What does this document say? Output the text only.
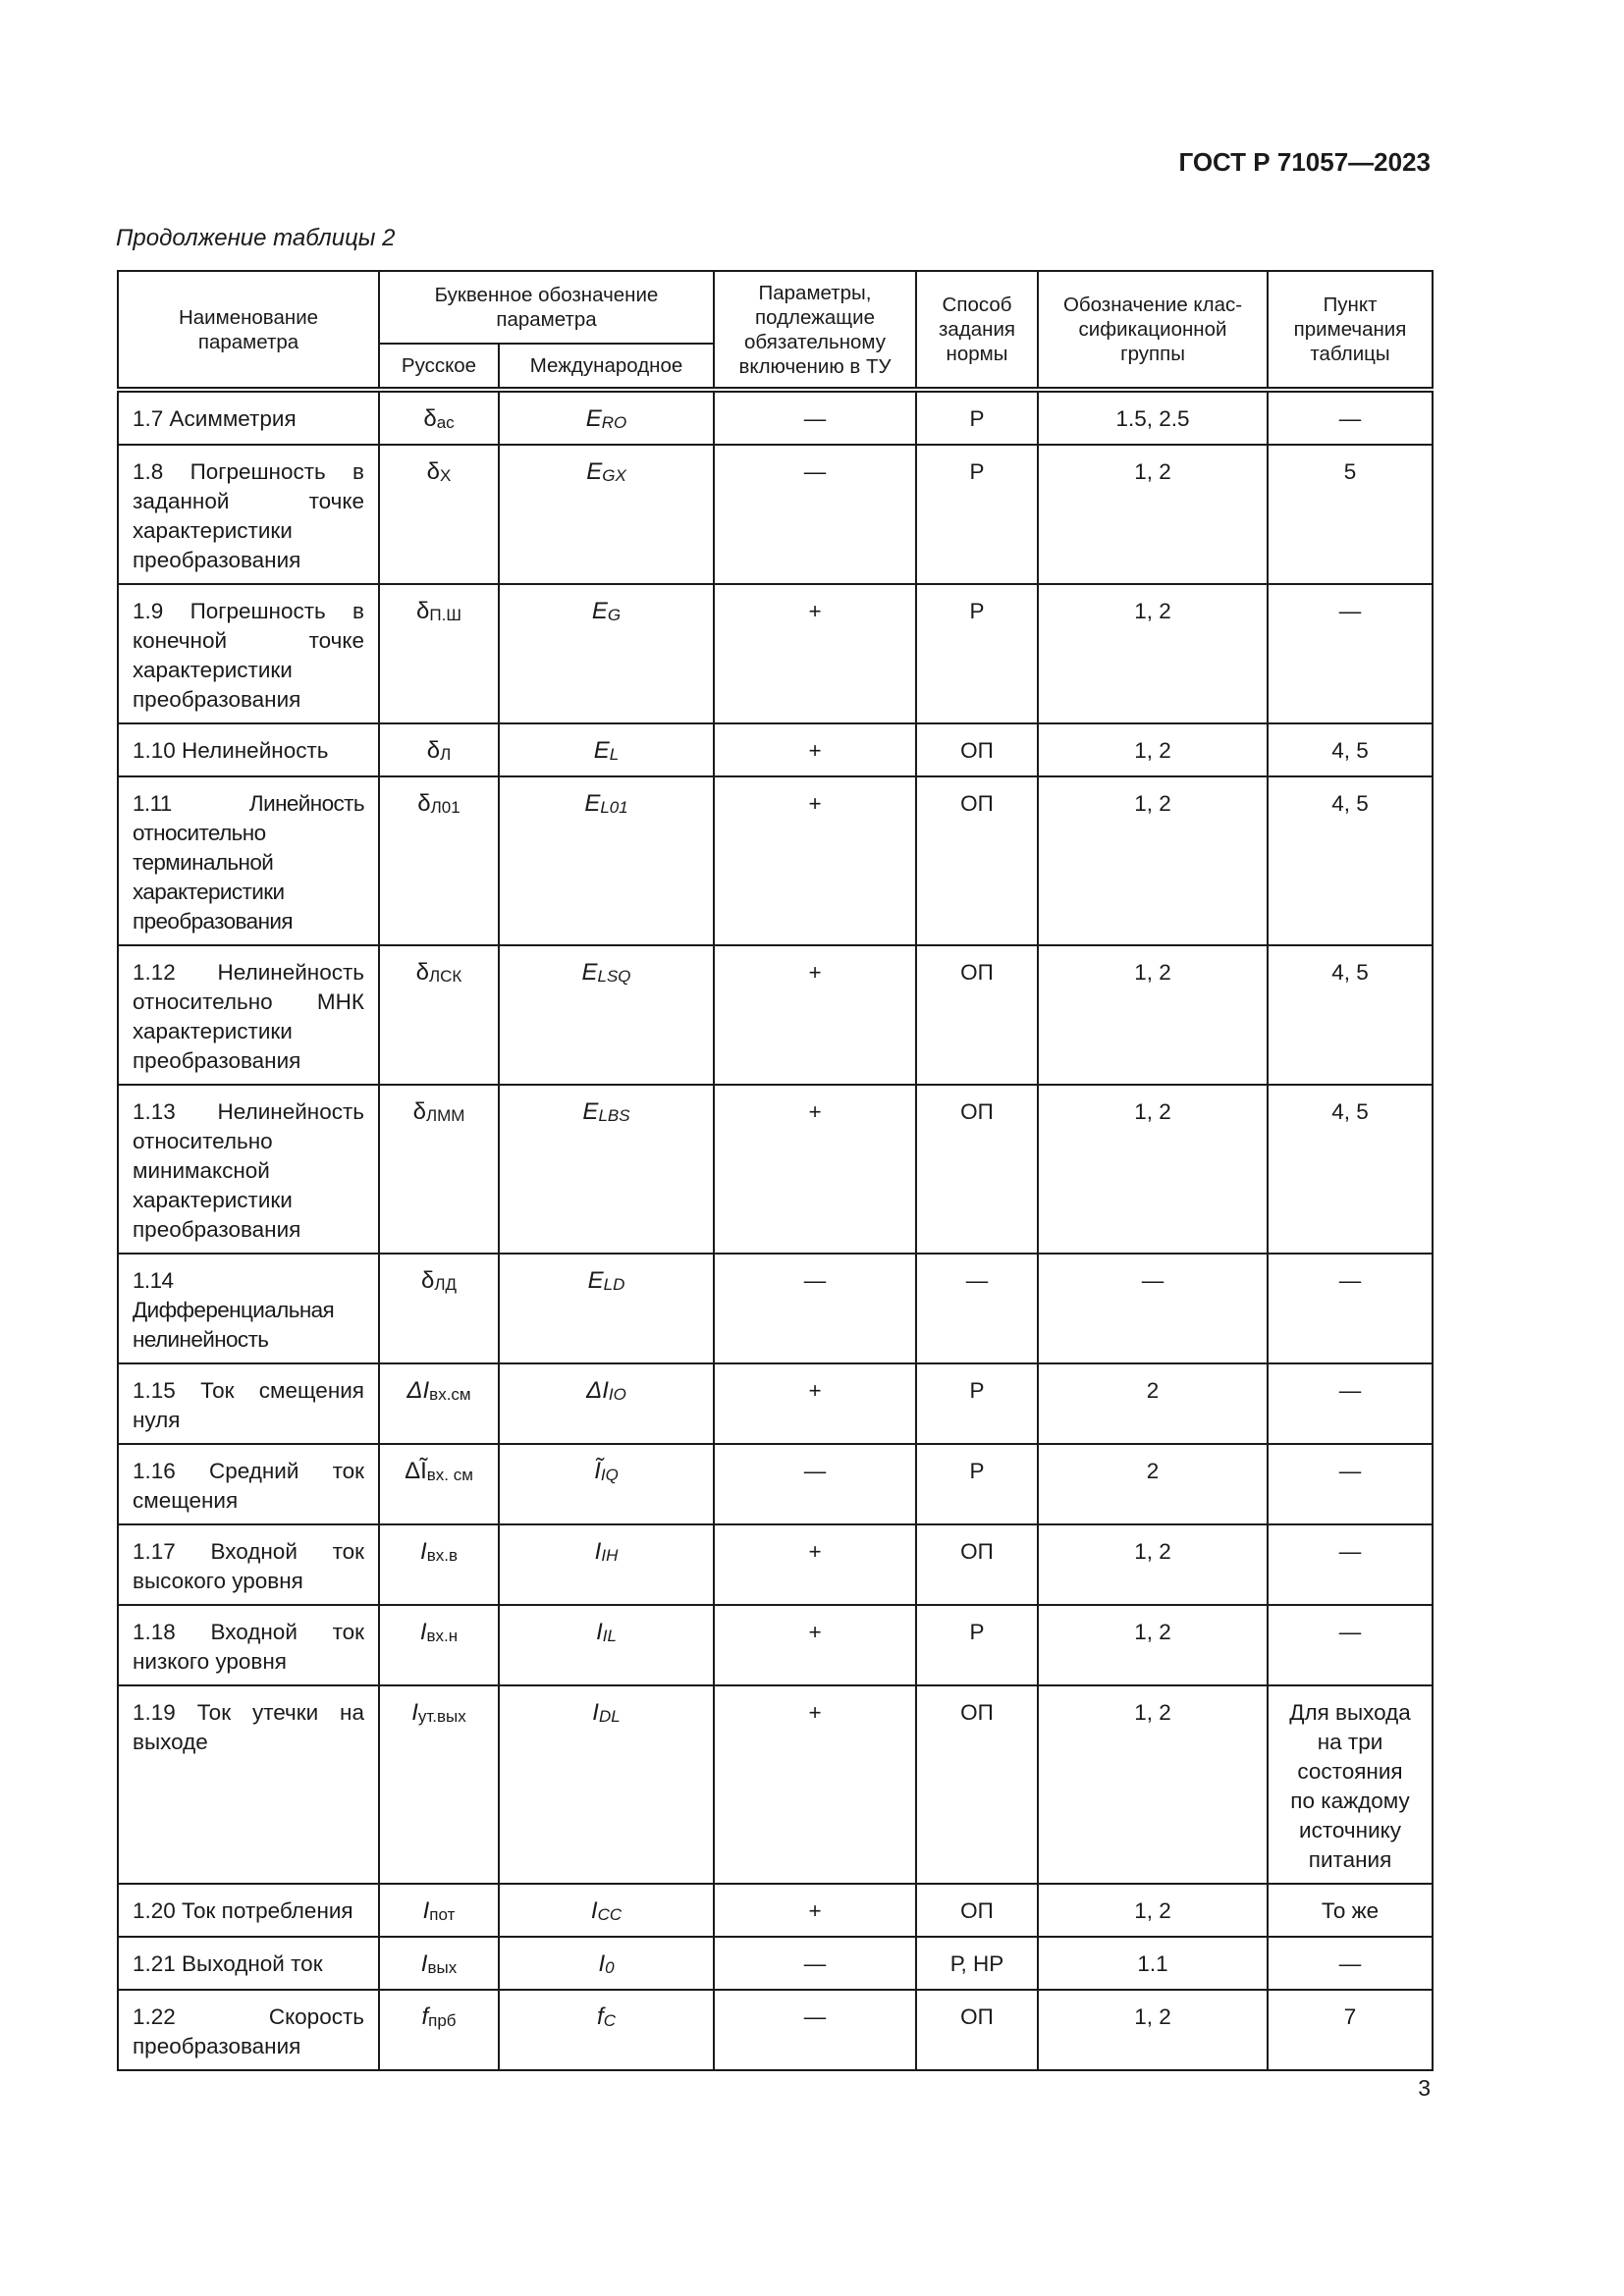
ГОСТ Р 71057—2023
Продолжение таблицы 2
Наименование параметра	Буквенное обозначение параметра		Параметры, подлежащие обязательному включению в ТУ	Способ задания нормы	Обозначение клас-сификационной группы	Пункт примечания таблицы
	Русское	Международное				
1.7 Асимметрия	$\delta_{ас}$	$E_{RO}$	—	Р	1.5, 2.5	—
1.8 Погрешность в заданной точке характеристики преобразования	$\delta_X$	$E_{GX}$	—	Р	1, 2	5
1.9 Погрешность в конечной точке характеристики преобразования	$\delta_{П.Ш}$	$E_G$	+	Р	1, 2	—
1.10 Нелинейность	$\delta_Л$	$E_L$	+	ОП	1, 2	4, 5
1.11 Линейность относительно терминальной характеристики преобразования	$\delta_{Л01}$	$E_{L01}$	+	ОП	1, 2	4, 5
1.12 Нелинейность относительно МНК характеристики преобразования	$\delta_{ЛСК}$	$E_{LSQ}$	+	ОП	1, 2	4, 5
1.13 Нелинейность относительно минимаксной характеристики преобразования	$\delta_{ЛММ}$	$E_{LBS}$	+	ОП	1, 2	4, 5
1.14 Дифференциальная нелинейность	$\delta_{ЛД}$	$E_{LD}$	—	—	—	—
1.15 Ток смещения нуля	$\Delta I_{вх.см}$	$\Delta I_{IO}$	+	Р	2	—
1.16 Средний ток смещения	$\Delta Ĩ_{вх. см}$	$Ĩ_{IQ}$	—	Р	2	—
1.17 Входной ток высокого уровня	$I_{вх.в}$	$I_{IH}$	+	ОП	1, 2	—
1.18 Входной ток низкого уровня	$I_{вх.н}$	$I_{IL}$	+	Р	1, 2	—
1.19 Ток утечки на выходе	$I_{ут.вых}$	$I_{DL}$	+	ОП	1, 2	Для выхода на три состояния по каждому источнику питания
1.20 Ток потребления	$I_{пот}$	$I_{CC}$	+	ОП	1, 2	То же
1.21 Выходной ток	$I_{вых}$	$I_0$	—	Р, НР	1.1	—
1.22 Скорость преобразования	$f_{прб}$	$f_C$	—	ОП	1, 2	7
3
